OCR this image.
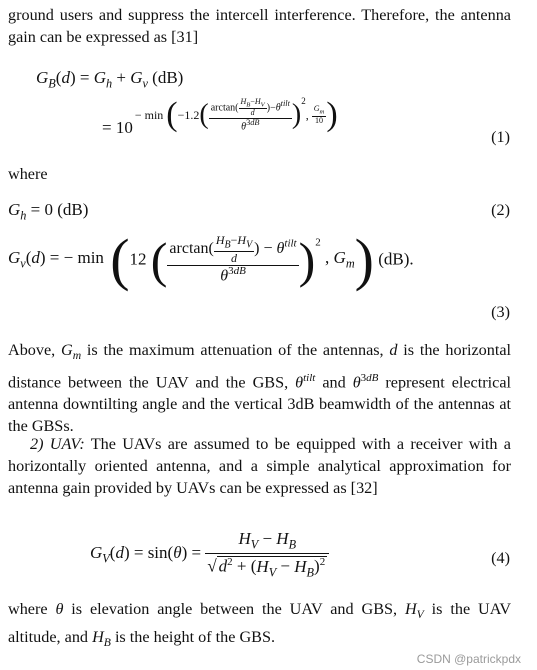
ground users and suppress the intercell interference. Therefore, the antenna gain can be expressed as [31]
$G_B(d) = G_h + G_v$ (dB)
= $10- \min (-1.2( \frac{\arctan( \frac{H_B-H_V}{d} )-\theta^{tilt}}{\theta^{3dB}} )^2$, $\frac{G_m}{10}$ )
(1)
where
$G_h = 0$ (dB)	(2)
$G_v(d)$ = − min (12 ( $\frac{\arctan( \frac{H_B-H_V}{d} ) - \theta^{tilt}}{\theta^{3dB}} )^2$ , $G_m$) (dB).
(3)
Above, $G_m$ is the maximum attenuation of the antennas, d is the horizontal distance between the UAV and the GBS, $\theta^{tilt}$ and $\theta^{3dB}$ represent electrical antenna downtilting angle and the vertical 3dB beamwidth of the antennas at the GBSs.
2) UAV: The UAVs are assumed to be equipped with a receiver with a horizontally oriented antenna, and a simple analytical approximation for antenna gain provided by UAVs can be expressed as [32]
$G_V(d) = \sin(\theta) = \frac{H_V - H_B}{√ d^2 + (H_V - H_B)^2}$	(4)
where θ is elevation angle between the UAV and GBS, $H_V$ is the UAV altitude, and $H_B$ is the height of the GBS.
CSDN @patrickpdx
